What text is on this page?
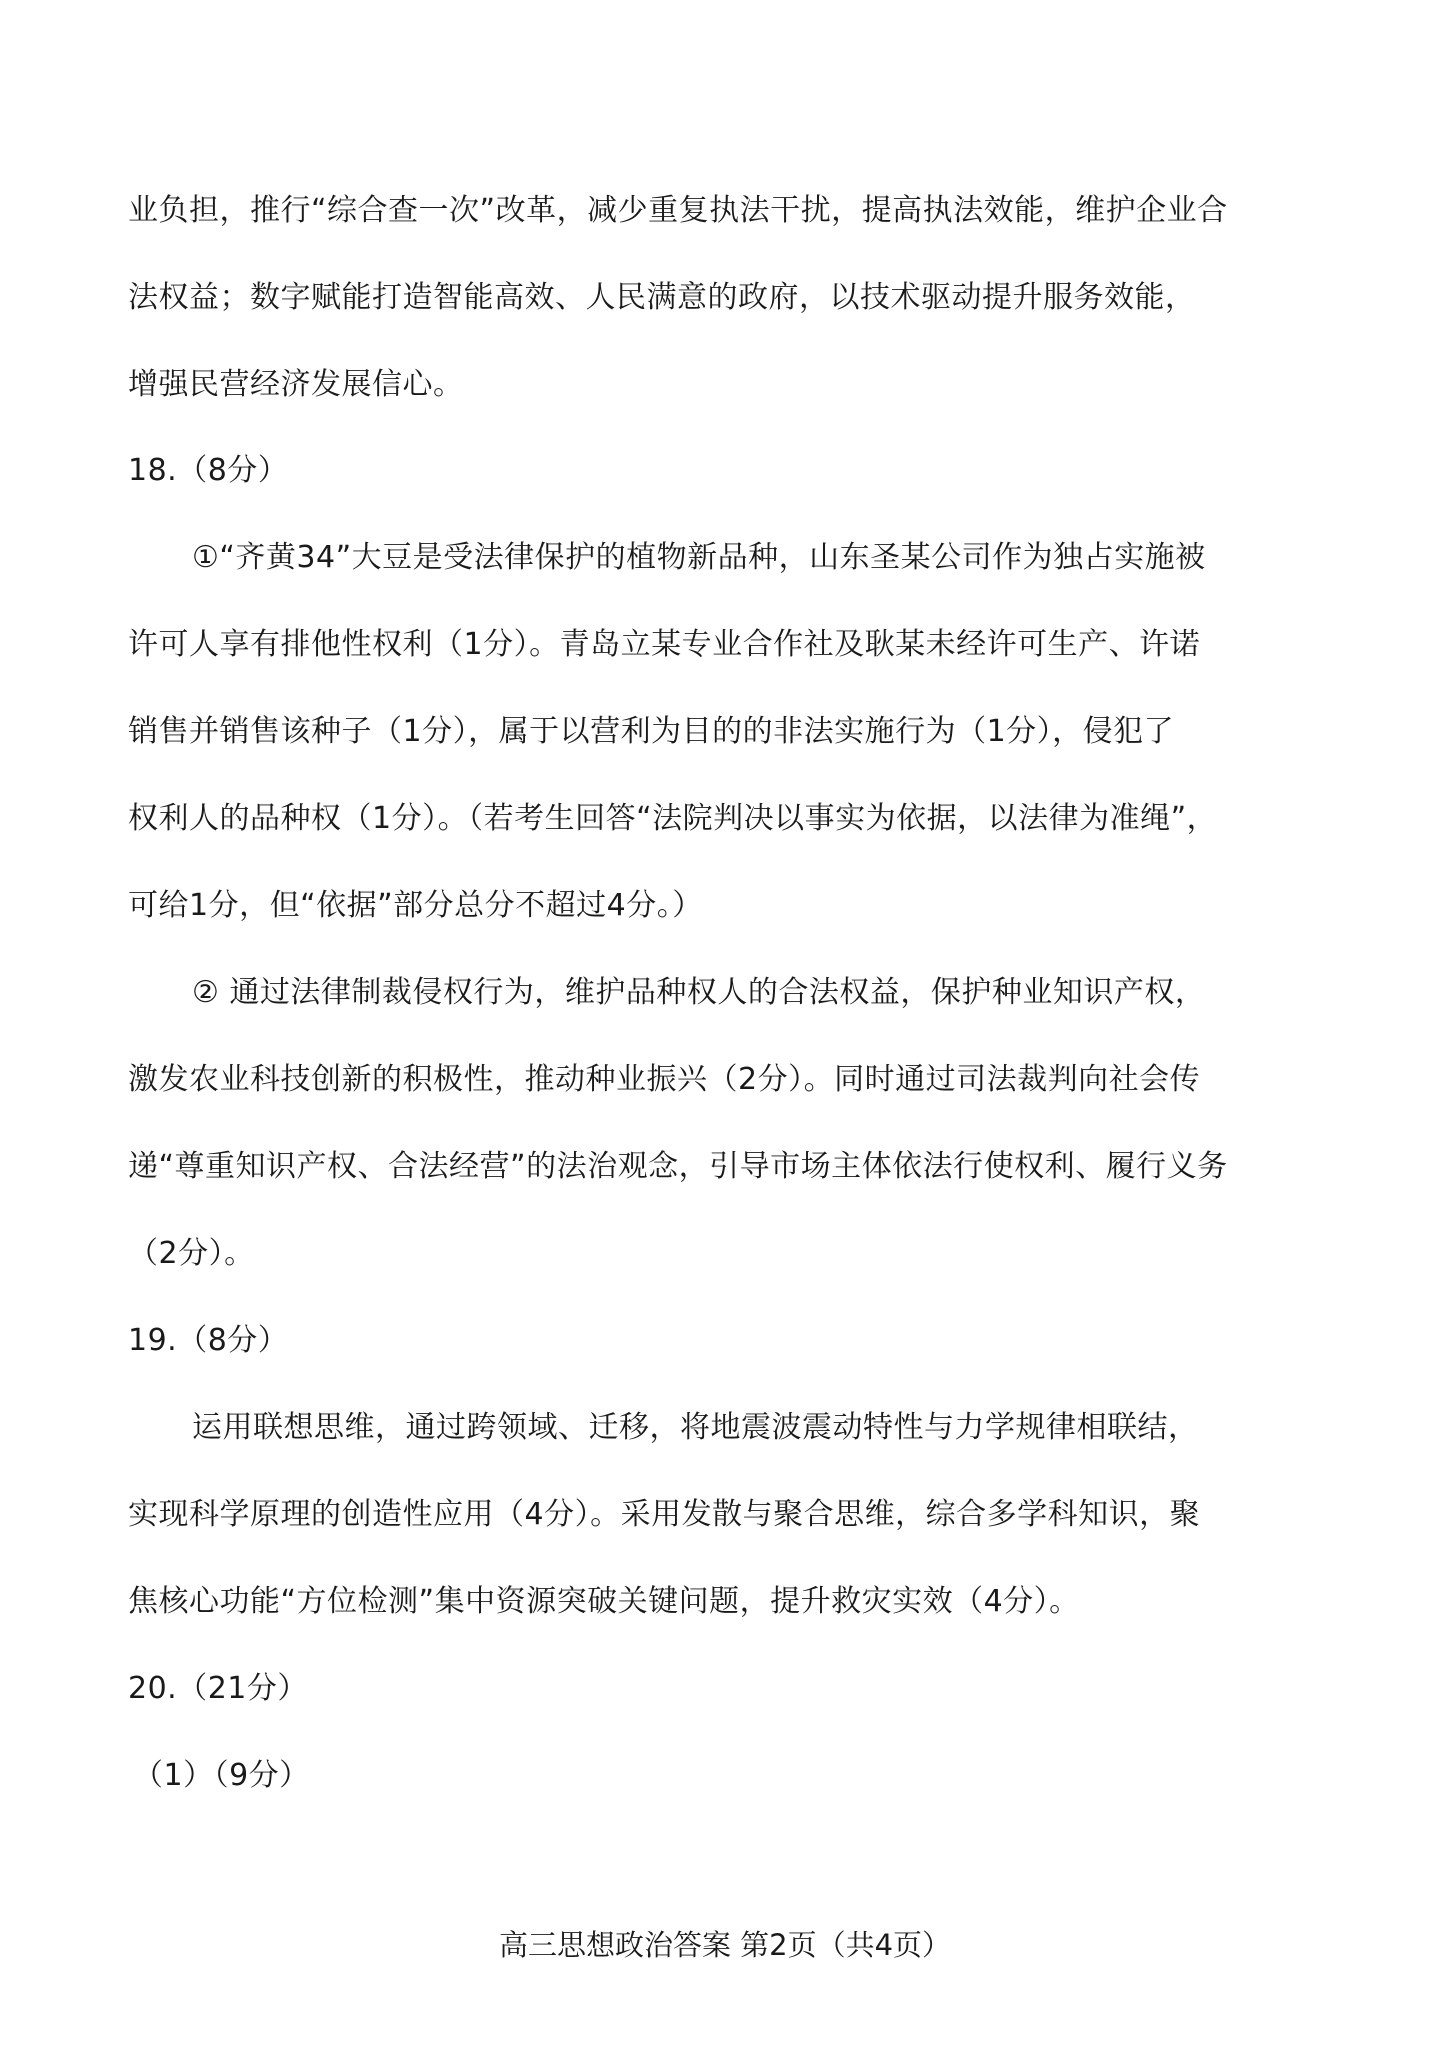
业负担，推行“综合查一次”改革，减少重复执法干扰，提高执法效能，维护企业合
法权益；数字赋能打造智能高效、人民满意的政府，以技术驱动提升服务效能，
增强民营经济发展信心。
18.（8分）
①“齐黄34”大豆是受法律保护的植物新品种，山东圣某公司作为独占实施被
许可人享有排他性权利（1分）。青岛立某专业合作社及耿某未经许可生产、许诺
销售并销售该种子（1分），属于以营利为目的的非法实施行为（1分），侵犯了
权利人的品种权（1分）。（若考生回答“法院判决以事实为依据，以法律为准绳”，
可给1分，但“依据”部分总分不超过4分。）
② 通过法律制裁侵权行为，维护品种权人的合法权益，保护种业知识产权，
激发农业科技创新的积极性，推动种业振兴（2分）。同时通过司法裁判向社会传
递“尊重知识产权、合法经营”的法治观念，引导市场主体依法行使权利、履行义务
（2分）。
19.（8分）
运用联想思维，通过跨领域、迁移，将地震波震动特性与力学规律相联结，
实现科学原理的创造性应用（4分）。采用发散与聚合思维，综合多学科知识，聚
焦核心功能“方位检测”集中资源突破关键问题，提升救灾实效（4分）。
20.（21分）
（1）（9分）
高三思想政治答案 第2页（共4页）
